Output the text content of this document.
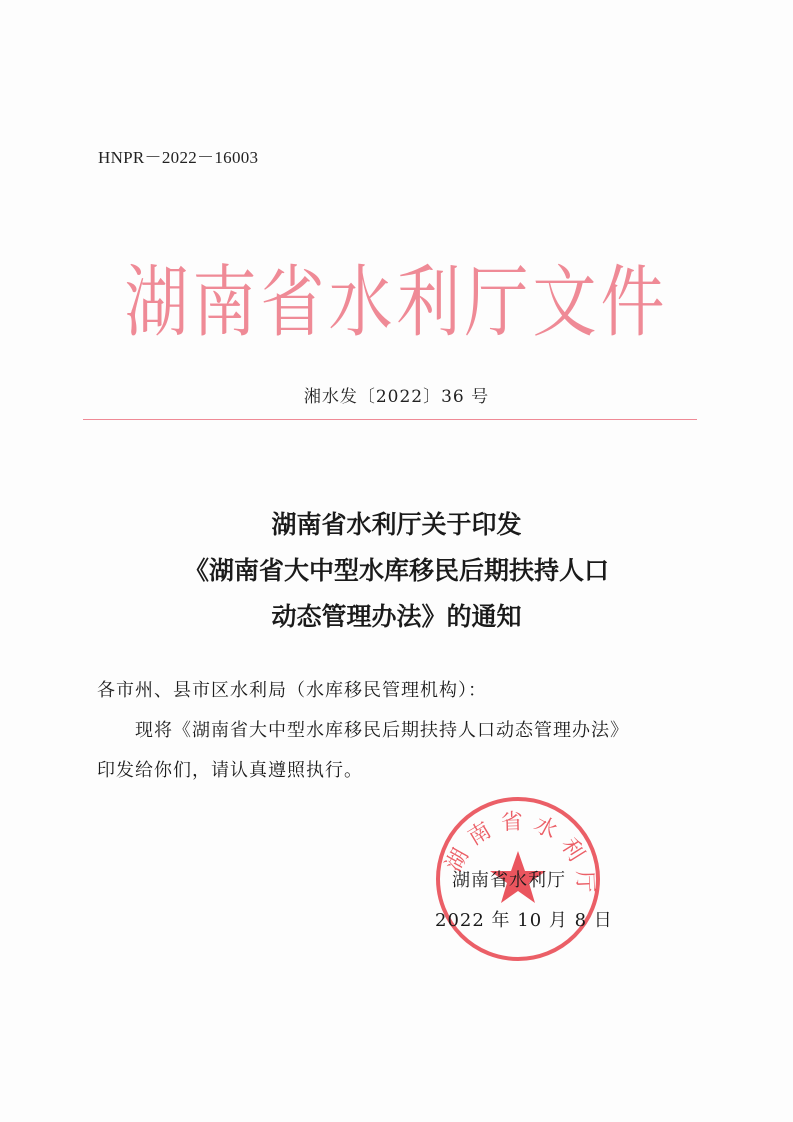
HNPR－2022－16003
湖南省水利厅文件
湘水发〔2022〕36 号
湖南省水利厅关于印发
《湖南省大中型水库移民后期扶持人口
动态管理办法》的通知
各市州、县市区水利局（水库移民管理机构）：
现将《湖南省大中型水库移民后期扶持人口动态管理办法》
印发给你们，请认真遵照执行。
湖南省水利厅
湖南省水利厅
2022 年 10 月 8 日
